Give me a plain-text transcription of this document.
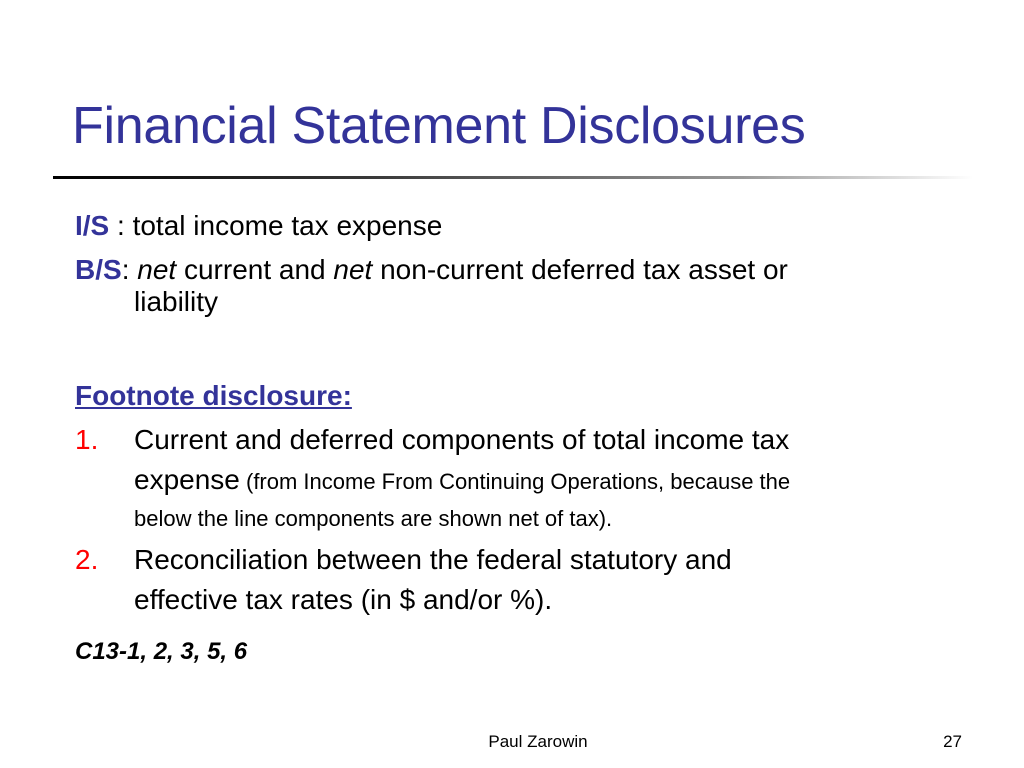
Financial Statement Disclosures
I/S : total income tax expense
B/S: net current and net non-current deferred tax asset or
liability
Footnote disclosure:
1. Current and deferred components of total income tax
expense (from Income From Continuing Operations, because the
below the line components are shown net of tax).
2. Reconciliation between the federal statutory and
effective tax rates (in $ and/or %).
C13-1, 2, 3, 5, 6
Paul Zarowin	27
